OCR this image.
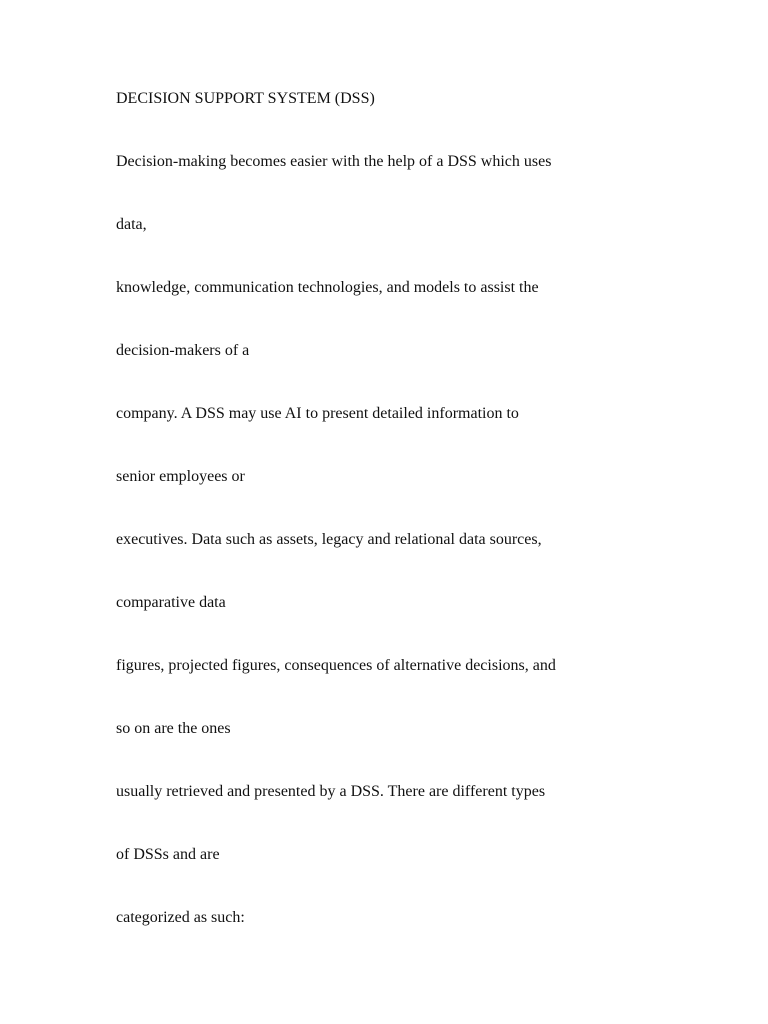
DECISION SUPPORT SYSTEM (DSS)
Decision-making becomes easier with the help of a DSS which uses
data,
knowledge, communication technologies, and models to assist the
decision-makers of a
company. A DSS may use AI to present detailed information to
senior employees or
executives. Data such as assets, legacy and relational data sources,
comparative data
figures, projected figures, consequences of alternative decisions, and
so on are the ones
usually retrieved and presented by a DSS. There are different types
of DSSs and are
categorized as such:
